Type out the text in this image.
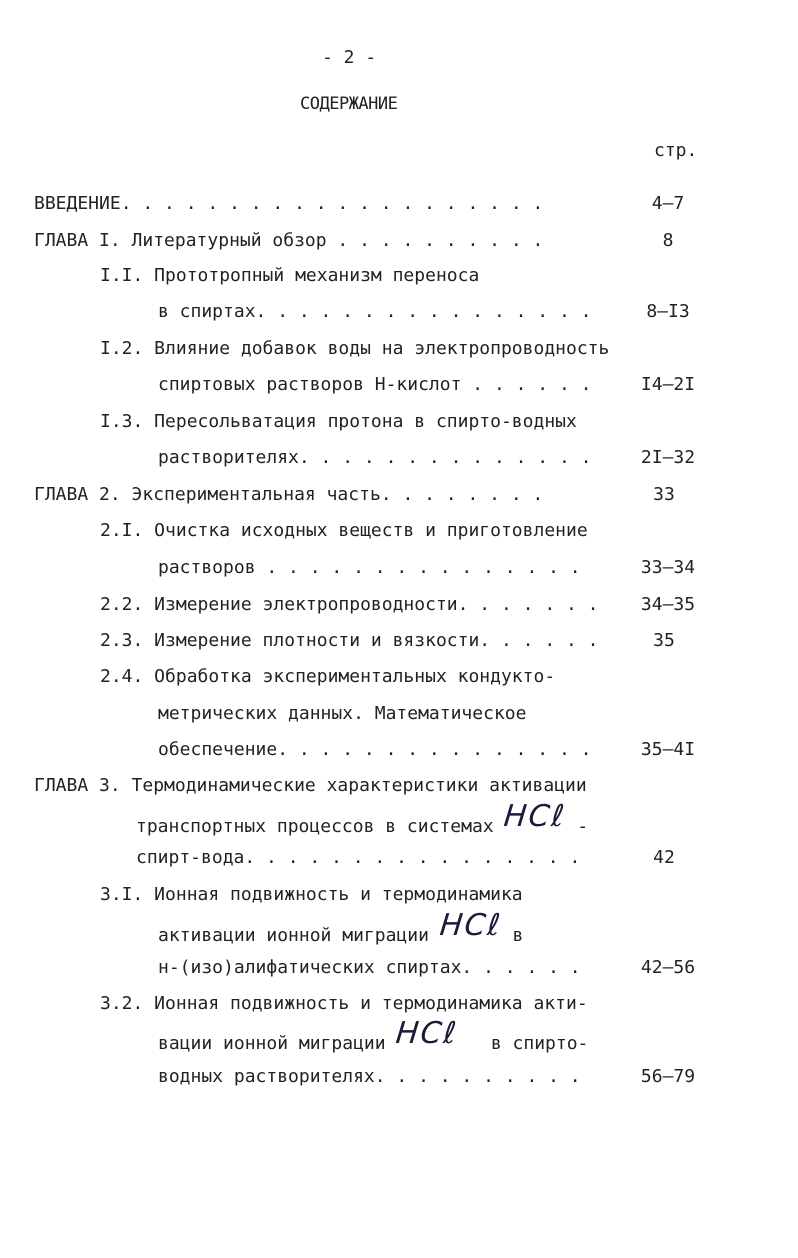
- 2 -
СОДЕРЖАНИЕ
стр.
ВВЕДЕНИЕ. . . . . . . . . . . . . . . . . . . .	4–7
ГЛАВА I. Литературный обзор . . . . . . . . . .	8
I.I. Прототропный механизм переноса
в спиртах. . . . . . . . . . . . . . . .	8–I3
I.2. Влияние добавок воды на электропроводность
спиртовых растворов Н-кислот . . . . . .	I4–2I
I.3. Пересольватация протона в спирто-водных
растворителях. . . . . . . . . . . . . .	2I–32
ГЛАВА 2. Экспериментальная часть. . . . . . . .	33
2.I. Очистка исходных веществ и приготовление
растворов . . . . . . . . . . . . . . .	33–34
2.2. Измерение электропроводности. . . . . . .	34–35
2.3. Измерение плотности и вязкости. . . . . .	35
2.4. Обработка экспериментальных кондукто-
метрических данных. Математическое
обеспечение. . . . . . . . . . . . . . .	35–4I
ГЛАВА 3. Термодинамические характеристики активации
транспортных процессов в системах HCℓ -
спирт-вода. . . . . . . . . . . . . . . .	42
3.I. Ионная подвижность и термодинамика
активации ионной миграции HCℓ в
н-(изо)алифатических спиртах. . . . . .	42–56
3.2. Ионная подвижность и термодинамика акти-
вации ионной миграции HCℓ в спирто-
водных растворителях. . . . . . . . . .	56–79
